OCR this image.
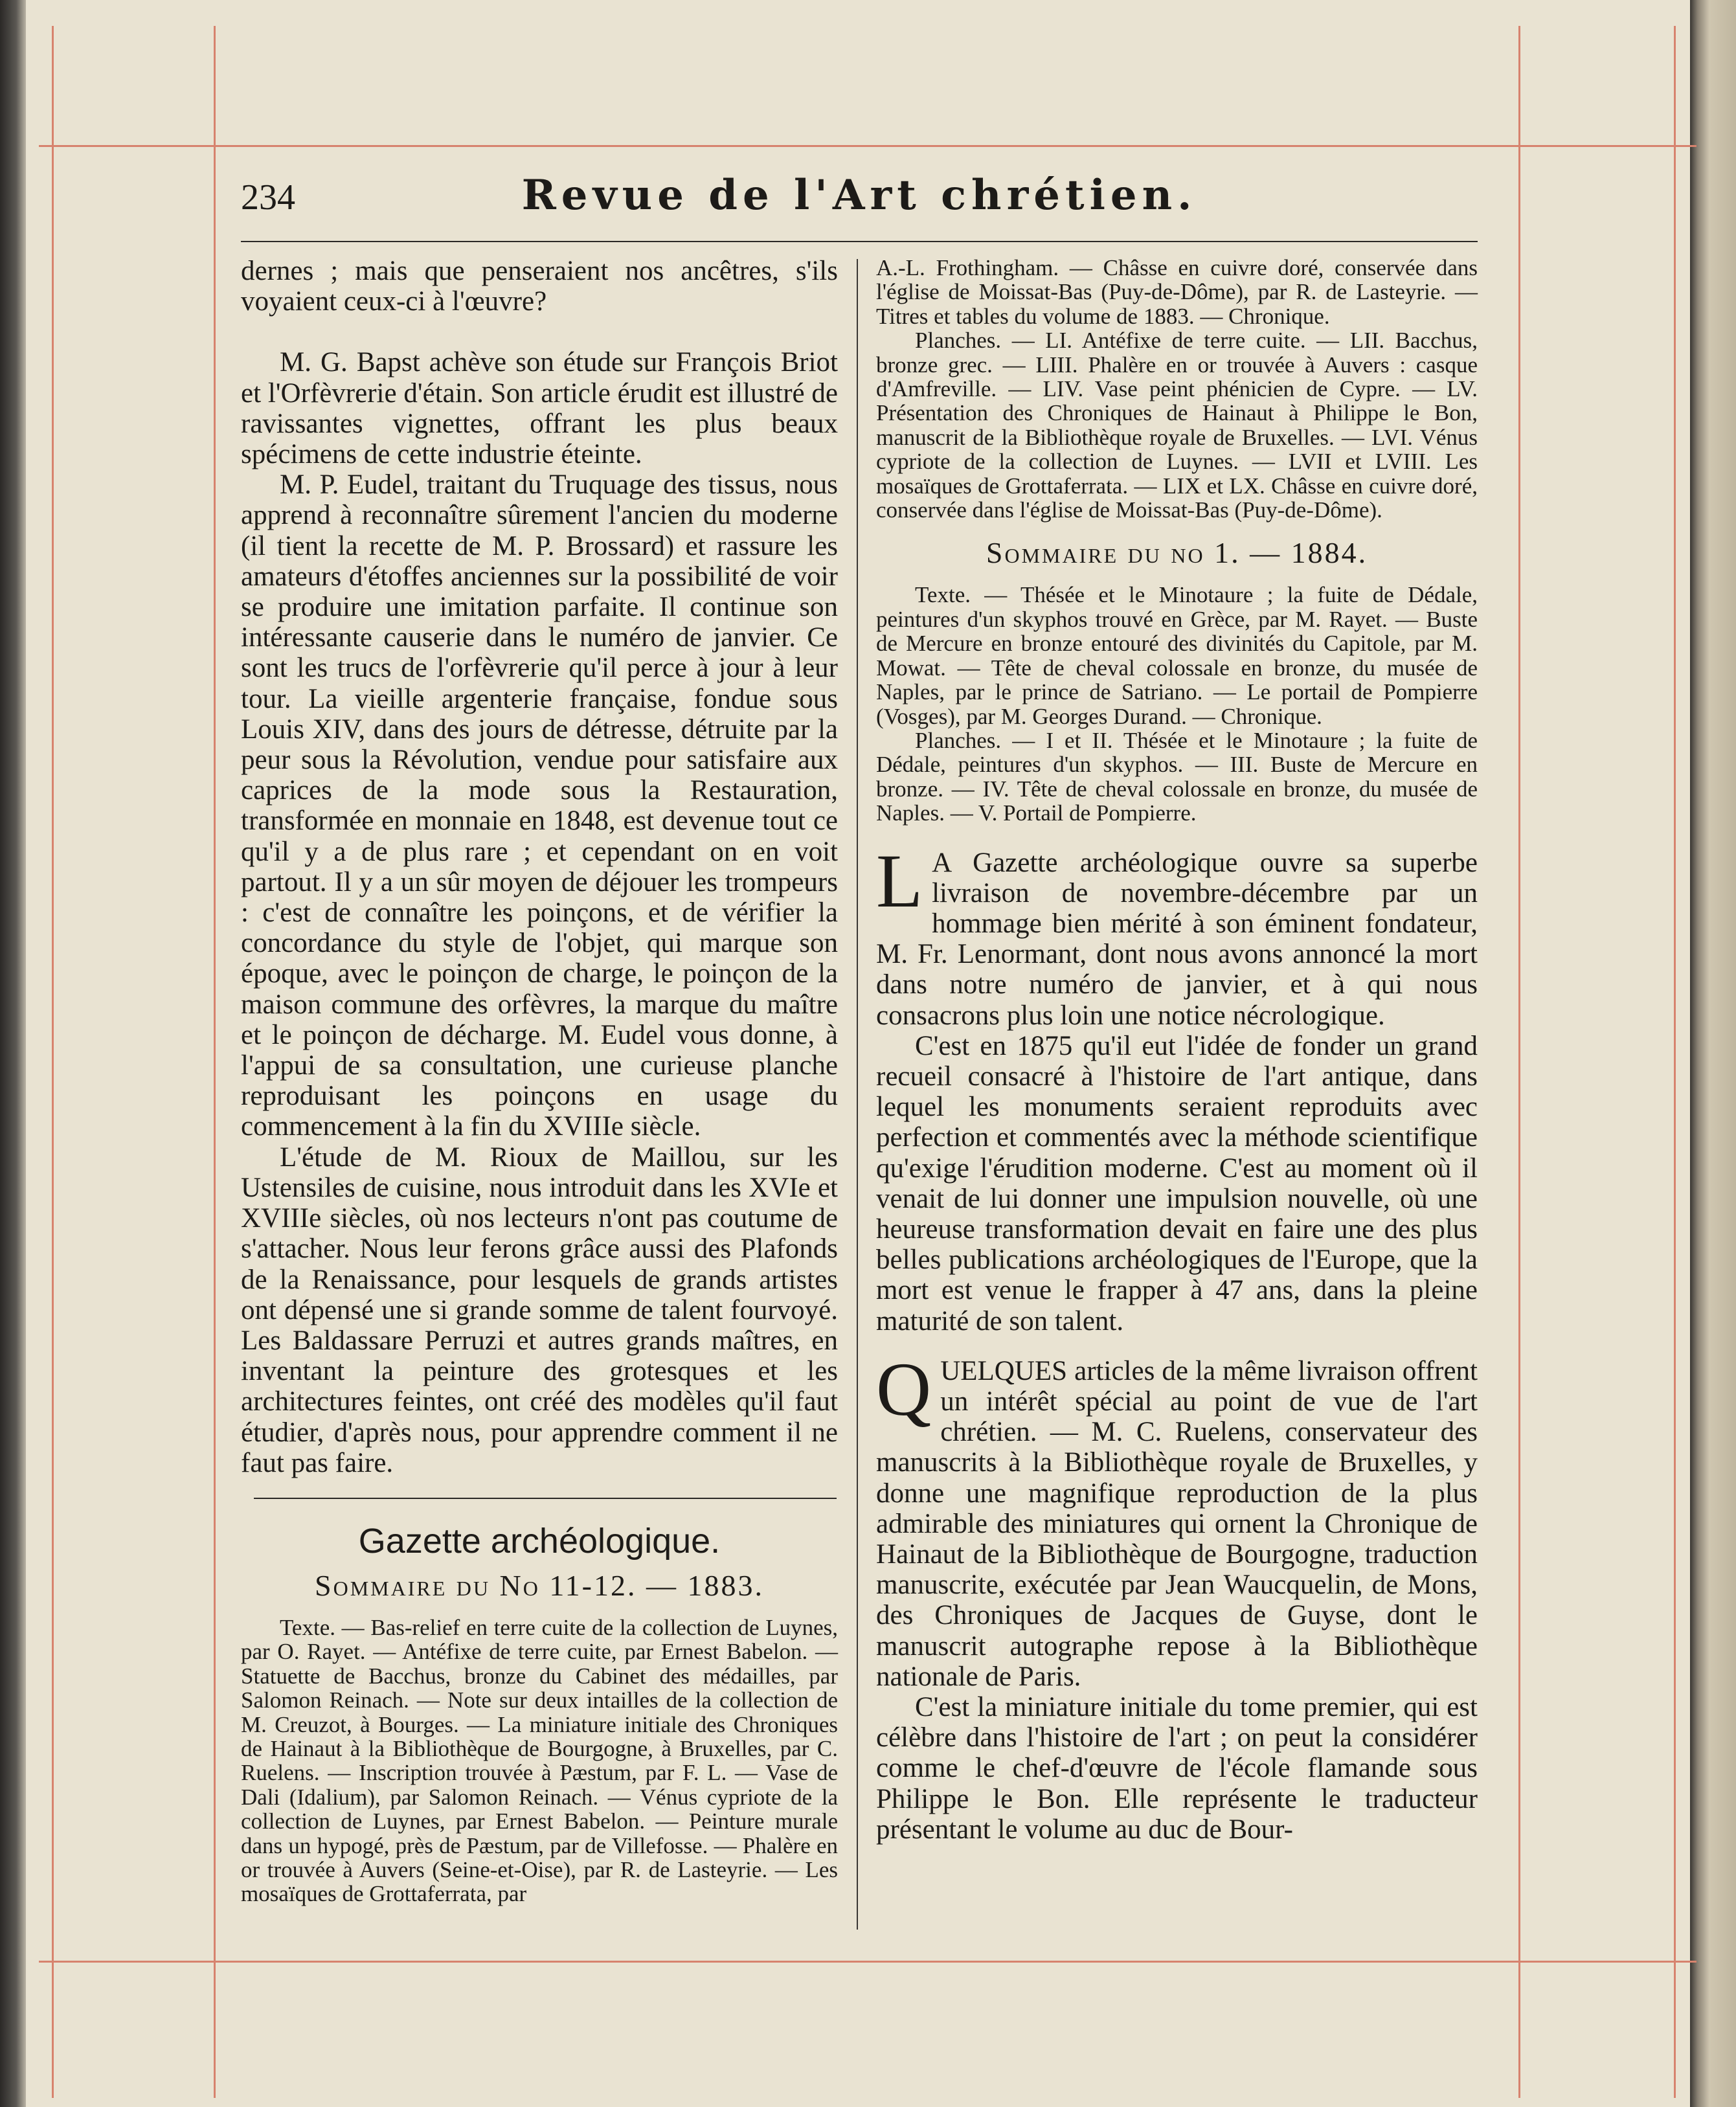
234	Revue de l'Art chrétien.

dernes ; mais que penseraient nos ancêtres, s'ils voyaient ceux-ci à l'œuvre?

M. G. Bapst achève son étude sur François Briot et l'Orfèvrerie d'étain. Son article érudit est illustré de ravissantes vignettes, offrant les plus beaux spécimens de cette industrie éteinte.

M. P. Eudel, traitant du Truquage des tissus, nous apprend à reconnaître sûrement l'ancien du moderne (il tient la recette de M. P. Brossard) et rassure les amateurs d'étoffes anciennes sur la possibilité de voir se produire une imitation parfaite. Il continue son intéressante causerie dans le numéro de janvier. Ce sont les trucs de l'orfèvrerie qu'il perce à jour à leur tour. La vieille argenterie française, fondue sous Louis XIV, dans des jours de détresse, détruite par la peur sous la Révolution, vendue pour satisfaire aux caprices de la mode sous la Restauration, transformée en monnaie en 1848, est devenue tout ce qu'il y a de plus rare ; et cependant on en voit partout. Il y a un sûr moyen de déjouer les trompeurs : c'est de connaître les poinçons, et de vérifier la concordance du style de l'objet, qui marque son époque, avec le poinçon de charge, le poinçon de la maison commune des orfèvres, la marque du maître et le poinçon de décharge. M. Eudel vous donne, à l'appui de sa consultation, une curieuse planche reproduisant les poinçons en usage du commencement à la fin du XVIIIe siècle.

L'étude de M. Rioux de Maillou, sur les Ustensiles de cuisine, nous introduit dans les XVIe et XVIIIe siècles, où nos lecteurs n'ont pas coutume de s'attacher. Nous leur ferons grâce aussi des Plafonds de la Renaissance, pour lesquels de grands artistes ont dépensé une si grande somme de talent fourvoyé. Les Baldassare Perruzi et autres grands maîtres, en inventant la peinture des grotesques et les architectures feintes, ont créé des modèles qu'il faut étudier, d'après nous, pour apprendre comment il ne faut pas faire.

Gazette archéologique.
Sommaire du No 11-12. — 1883.

Texte. — Bas-relief en terre cuite de la collection de Luynes, par O. Rayet. — Antéfixe de terre cuite, par Ernest Babelon. — Statuette de Bacchus, bronze du Cabinet des médailles, par Salomon Reinach. — Note sur deux intailles de la collection de M. Creuzot, à Bourges. — La miniature initiale des Chroniques de Hainaut à la Bibliothèque de Bourgogne, à Bruxelles, par C. Ruelens. — Inscription trouvée à Pæstum, par F. L. — Vase de Dali (Idalium), par Salomon Reinach. — Vénus cypriote de la collection de Luynes, par Ernest Babelon. — Peinture murale dans un hypogé, près de Pæstum, par de Villefosse. — Phalère en or trouvée à Auvers (Seine-et-Oise), par R. de Lasteyrie. — Les mosaïques de Grottaferrata, par

A.-L. Frothingham. — Châsse en cuivre doré, conservée dans l'église de Moissat-Bas (Puy-de-Dôme), par R. de Lasteyrie. — Titres et tables du volume de 1883. — Chronique.

Planches. — LI. Antéfixe de terre cuite. — LII. Bacchus, bronze grec. — LIII. Phalère en or trouvée à Auvers : casque d'Amfreville. — LIV. Vase peint phénicien de Cypre. — LV. Présentation des Chroniques de Hainaut à Philippe le Bon, manuscrit de la Bibliothèque royale de Bruxelles. — LVI. Vénus cypriote de la collection de Luynes. — LVII et LVIII. Les mosaïques de Grottaferrata. — LIX et LX. Châsse en cuivre doré, conservée dans l'église de Moissat-Bas (Puy-de-Dôme).

Sommaire du no 1. — 1884.

Texte. — Thésée et le Minotaure ; la fuite de Dédale, peintures d'un skyphos trouvé en Grèce, par M. Rayet. — Buste de Mercure en bronze entouré des divinités du Capitole, par M. Mowat. — Tête de cheval colossale en bronze, du musée de Naples, par le prince de Satriano. — Le portail de Pompierre (Vosges), par M. Georges Durand. — Chronique.

Planches. — I et II. Thésée et le Minotaure ; la fuite de Dédale, peintures d'un skyphos. — III. Buste de Mercure en bronze. — IV. Tête de cheval colossale en bronze, du musée de Naples. — V. Portail de Pompierre.

L A Gazette archéologique ouvre sa superbe livraison de novembre-décembre par un hommage bien mérité à son éminent fondateur, M. Fr. Lenormant, dont nous avons annoncé la mort dans notre numéro de janvier, et à qui nous consacrons plus loin une notice nécrologique.

C'est en 1875 qu'il eut l'idée de fonder un grand recueil consacré à l'histoire de l'art antique, dans lequel les monuments seraient reproduits avec perfection et commentés avec la méthode scientifique qu'exige l'érudition moderne. C'est au moment où il venait de lui donner une impulsion nouvelle, où une heureuse transformation devait en faire une des plus belles publications archéologiques de l'Europe, que la mort est venue le frapper à 47 ans, dans la pleine maturité de son talent.

QUELQUES articles de la même livraison offrent un intérêt spécial au point de vue de l'art chrétien. — M. C. Ruelens, conservateur des manuscrits à la Bibliothèque royale de Bruxelles, y donne une magnifique reproduction de la plus admirable des miniatures qui ornent la Chronique de Hainaut de la Bibliothèque de Bourgogne, traduction manuscrite, exécutée par Jean Waucquelin, de Mons, des Chroniques de Jacques de Guyse, dont le manuscrit autographe repose à la Bibliothèque nationale de Paris.

C'est la miniature initiale du tome premier, qui est célèbre dans l'histoire de l'art ; on peut la considérer comme le chef-d'œuvre de l'école flamande sous Philippe le Bon. Elle représente le traducteur présentant le volume au duc de Bour-
